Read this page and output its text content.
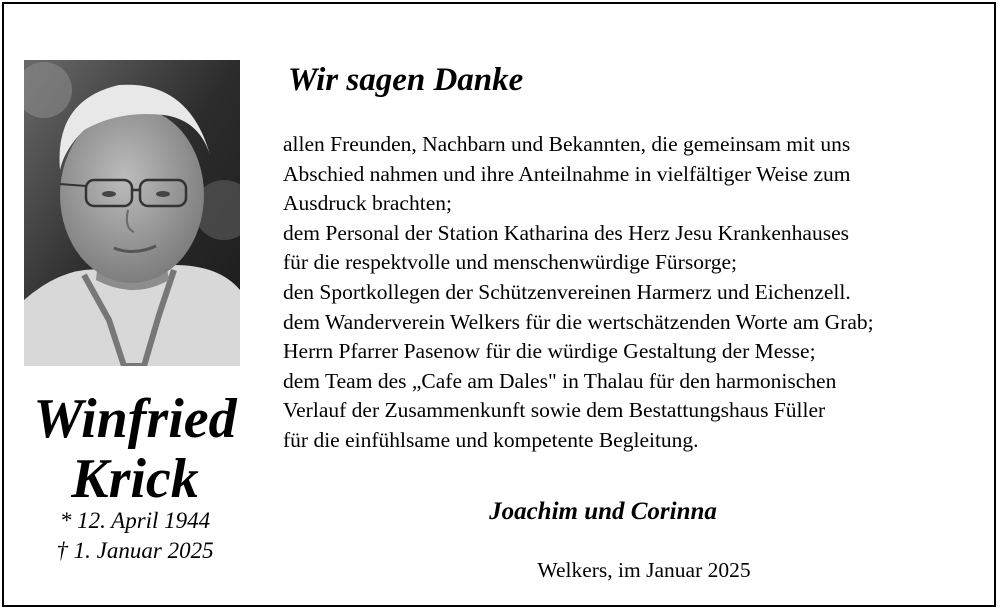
Winfried
Krick
* 12. April 1944
† 1. Januar 2025
Wir sagen Danke
allen Freunden, Nachbarn und Bekannten, die gemeinsam mit uns
Abschied nahmen und ihre Anteilnahme in vielfältiger Weise zum
Ausdruck brachten;
dem Personal der Station Katharina des Herz Jesu Krankenhauses
für die respektvolle und menschenwürdige Fürsorge;
den Sportkollegen der Schützenvereinen Harmerz und Eichenzell.
dem Wanderverein Welkers für die wertschätzenden Worte am Grab;
Herrn Pfarrer Pasenow für die würdige Gestaltung der Messe;
dem Team des „Cafe am Dales" in Thalau für den harmonischen
Verlauf der Zusammenkunft sowie dem Bestattungshaus Füller
für die einfühlsame und kompetente Begleitung.
Joachim und Corinna
Welkers, im Januar 2025
